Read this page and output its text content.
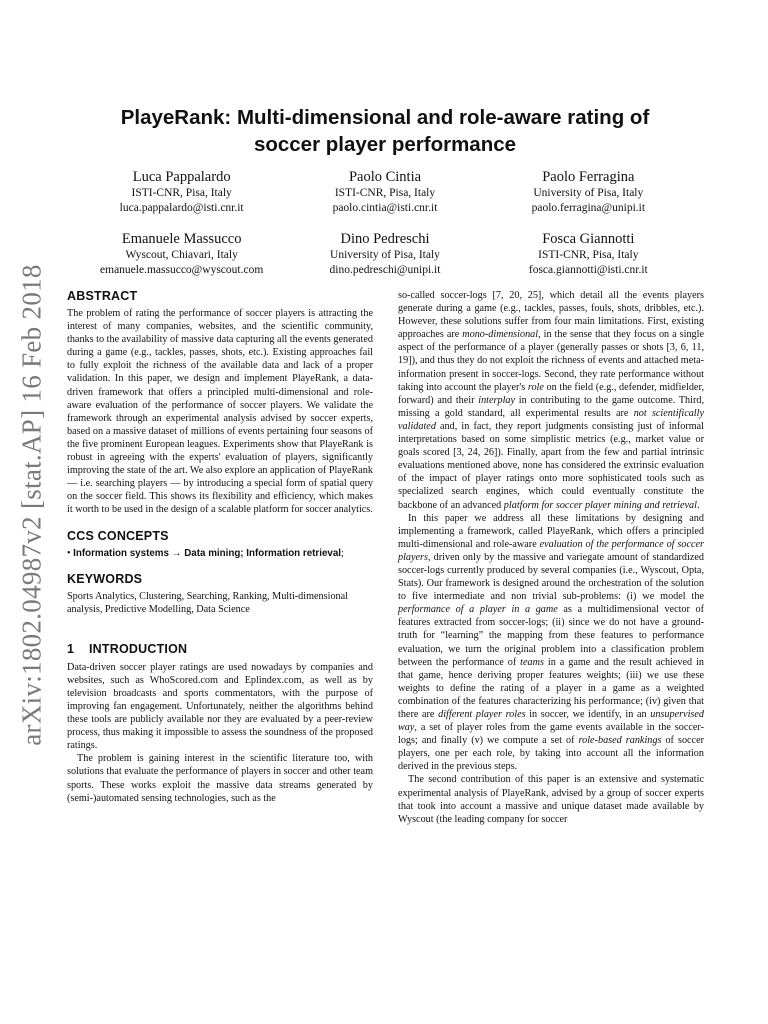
arXiv:1802.04987v2 [stat.AP] 16 Feb 2018
PlayeRank: Multi-dimensional and role-aware rating of soccer player performance
Luca Pappalardo
ISTI-CNR, Pisa, Italy
luca.pappalardo@isti.cnr.it
Paolo Cintia
ISTI-CNR, Pisa, Italy
paolo.cintia@isti.cnr.it
Paolo Ferragina
University of Pisa, Italy
paolo.ferragina@unipi.it
Emanuele Massucco
Wyscout, Chiavari, Italy
emanuele.massucco@wyscout.com
Dino Pedreschi
University of Pisa, Italy
dino.pedreschi@unipi.it
Fosca Giannotti
ISTI-CNR, Pisa, Italy
fosca.giannotti@isti.cnr.it
ABSTRACT

The problem of rating the performance of soccer players is attracting the interest of many companies, websites, and the scientific community, thanks to the availability of massive data capturing all the events generated during a game (e.g., tackles, passes, shots, etc.). Existing approaches fail to fully exploit the richness of the available data and lack of a proper validation. In this paper, we design and implement PlayeRank, a data-driven framework that offers a principled multi-dimensional and role-aware evaluation of the performance of soccer players. We validate the framework through an experimental analysis advised by soccer experts, based on a massive dataset of millions of events pertaining four seasons of the five prominent European leagues. Experiments show that PlayeRank is robust in agreeing with the experts' evaluation of players, significantly improving the state of the art. We also explore an application of PlayeRank — i.e. searching players — by introducing a special form of spatial query on the soccer field. This shows its flexibility and efficiency, which makes it worth to be used in the design of a scalable platform for soccer analytics.

CCS CONCEPTS

• Information systems → Data mining; Information retrieval;

KEYWORDS

Sports Analytics, Clustering, Searching, Ranking, Multi-dimensional analysis, Predictive Modelling, Data Science

1 INTRODUCTION

Data-driven soccer player ratings are used nowadays by companies and websites, such as WhoScored.com and Eplindex.com, as well as by television broadcasts and sports commentators, with the purpose of improving fan engagement. Unfortunately, neither the algorithms behind these tools are publicly available nor they are evaluated by a peer-review process, thus making it impossible to assess the soundness of the proposed ratings.

The problem is gaining interest in the scientific literature too, with solutions that evaluate the performance of players in soccer and other team sports. These works exploit the massive data streams generated by (semi-)automated sensing technologies, such as the

so-called soccer-logs [7, 20, 25], which detail all the events players generate during a game (e.g., tackles, passes, fouls, shots, dribbles, etc.). However, these solutions suffer from four main limitations. First, existing approaches are mono-dimensional, in the sense that they focus on a single aspect of the performance of a player (generally passes or shots [3, 6, 11, 19]), and thus they do not exploit the richness of events and attached meta-information present in soccer-logs. Second, they rate performance without taking into account the player's role on the field (e.g., defender, midfielder, forward) and their interplay in contributing to the game outcome. Third, missing a gold standard, all experimental results are not scientifically validated and, in fact, they report judgments consisting just of informal interpretations based on some simplistic metrics (e.g., market value or goals scored [3, 24, 26]). Finally, apart from the few and partial intrinsic evaluations mentioned above, none has considered the extrinsic evaluation of the impact of player ratings onto more sophisticated tools such as specialized search engines, which could eventually constitute the backbone of an advanced platform for soccer player mining and retrieval.

In this paper we address all these limitations by designing and implementing a framework, called PlayeRank, which offers a principled multi-dimensional and role-aware evaluation of the performance of soccer players, driven only by the massive and variegate amount of standardized soccer-logs currently produced by several companies (i.e., Wyscout, Opta, Stats). Our framework is designed around the orchestration of the solution to five intermediate and non trivial sub-problems: (i) we model the performance of a player in a game as a multidimensional vector of features extracted from soccer-logs; (ii) since we do not have a ground-truth for “learning” the mapping from these features to performance evaluation, we turn the original problem into a classification problem between the performance of teams in a game and the result achieved in that game, hence deriving proper features weights; (iii) we use these weights to define the rating of a player in a game as a weighted combination of the features characterizing his performance; (iv) given that there are different player roles in soccer, we identify, in an unsupervised way, a set of player roles from the game events available in the soccer-logs; and finally (v) we compute a set of role-based rankings of soccer players, one per each role, by taking into account all the information derived in the previous steps.

The second contribution of this paper is an extensive and systematic experimental analysis of PlayeRank, advised by a group of soccer experts that took into account a massive and unique dataset made available by Wyscout (the leading company for soccer
